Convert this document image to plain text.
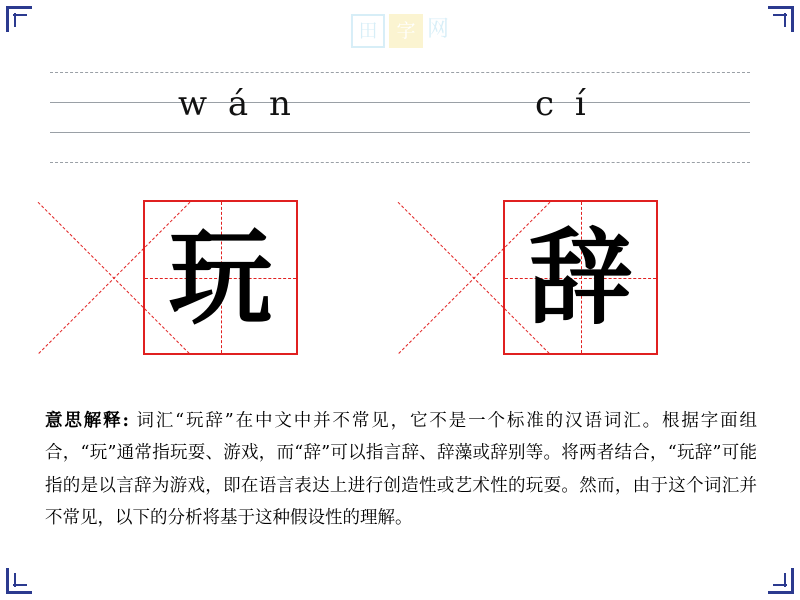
田 字 网
w á n	c í
玩 辞
意思解释: 词汇“玩辞”在中文中并不常见，它不是一个标准的汉语词汇。根据字面组合，“玩”通常指玩耍、游戏，而“辞”可以指言辞、辞藻或辞别等。将两者结合，“玩辞”可能指的是以言辞为游戏，即在语言表达上进行创造性或艺术性的玩耍。然而，由于这个词汇并不常见，以下的分析将基于这种假设性的理解。
